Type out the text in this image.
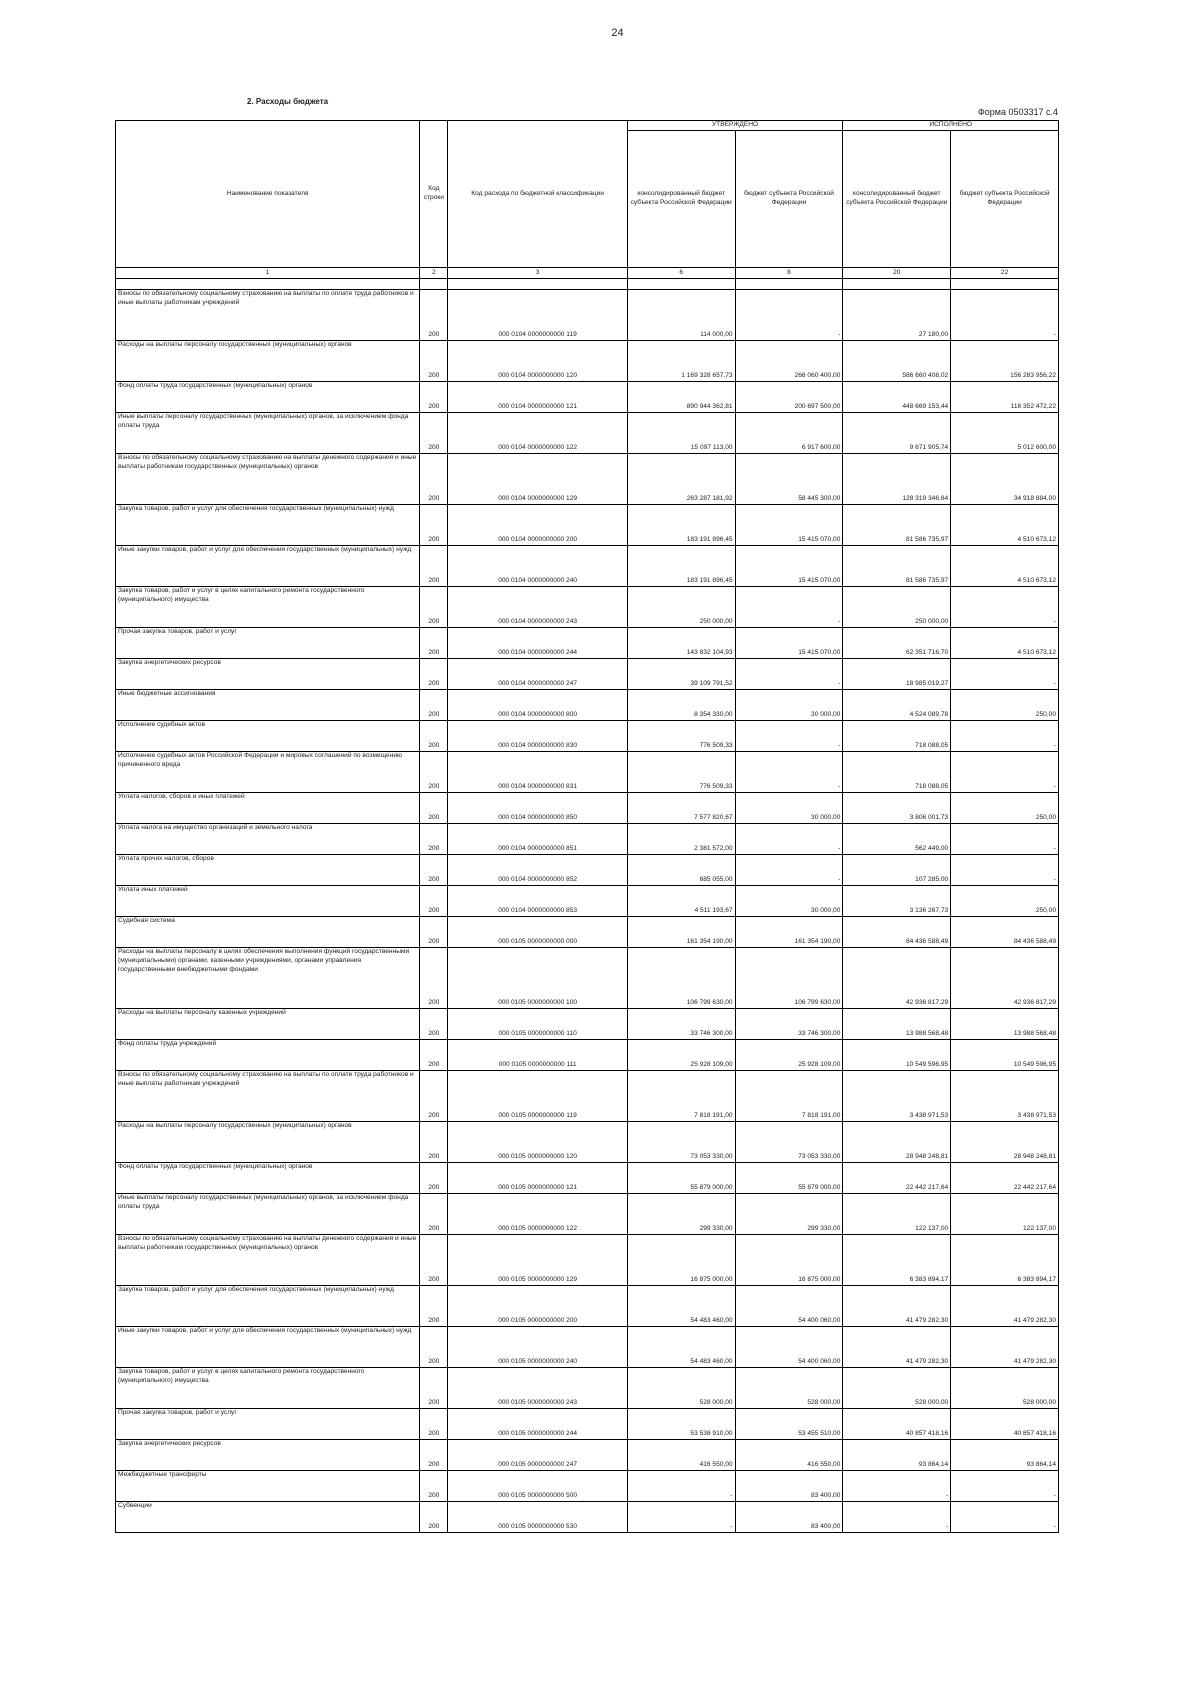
24
2. Расходы бюджета
Форма 0503317 с.4
Наименование показателя	Код строки	Код расхода по бюджетной классификации	УТВЕРЖДЕНО		ИСПОЛНЕНО	
			консолидированный бюджет субъекта Российской Федерации	бюджет субъекта Российской Федерации	консолидированный бюджет субъекта Российской Федерации	бюджет субъекта Российской Федерации
1	2	3	6	8	20	22

Взносы по обязательному социальному страхованию на выплаты по оплате труда работников и иные выплаты работникам учреждений	200	000 0104 0000000000 119	114 000,00	-	27 180,00	-
Расходы на выплаты персоналу государственных (муниципальных) органов	200	000 0104 0000000000 120	1 169 328 657,73	266 060 400,00	586 660 408,02	156 283 956,22
Фонд оплаты труда государственных (муниципальных) органов	200	000 0104 0000000000 121	890 944 362,81	200 697 500,00	448 669 153,44	116 352 472,22
Иные выплаты персоналу государственных (муниципальных) органов, за исключением фонда оплаты труда	200	000 0104 0000000000 122	15 097 113,00	6 917 600,00	9 671 905,74	5 012 600,00
Взносы по обязательному социальному страхованию на выплаты денежного содержания и иные выплаты работникам государственных (муниципальных) органов	200	000 0104 0000000000 129	263 287 181,92	58 445 300,00	128 319 346,84	34 918 884,00
Закупка товаров, работ и услуг для обеспечения государственных (муниципальных) нужд	200	000 0104 0000000000 200	183 191 896,45	15 415 070,00	81 586 735,97	4 510 673,12
Иные закупки товаров, работ и услуг для обеспечения государственных (муниципальных) нужд	200	000 0104 0000000000 240	183 191 896,45	15 415 070,00	81 586 735,97	4 510 673,12
Закупка товаров, работ и услуг в целях капитального ремонта государственного (муниципального) имущества	200	000 0104 0000000000 243	250 000,00	-	250 000,00	-
Прочая закупка товаров, работ и услуг	200	000 0104 0000000000 244	143 832 104,93	15 415 070,00	62 351 716,70	4 510 673,12
Закупка энергетических ресурсов	200	000 0104 0000000000 247	39 109 791,52	-	18 985 019,27	-
Иные бюджетные ассигнования	200	000 0104 0000000000 800	8 354 330,00	30 000,00	4 524 089,78	250,00
Исполнение судебных актов	200	000 0104 0000000000 830	776 509,33	-	718 088,05	-
Исполнение судебных актов Российской Федерации и мировых соглашений по возмещению причиненного вреда	200	000 0104 0000000000 831	776 509,33	-	718 088,05	-
Уплата налогов, сборов и иных платежей	200	000 0104 0000000000 850	7 577 820,67	30 000,00	3 806 001,73	250,00
Уплата налога на имущество организаций и земельного налога	200	000 0104 0000000000 851	2 381 572,00	-	562 449,00	-
Уплата прочих налогов, сборов	200	000 0104 0000000000 852	685 055,00	-	107 285,00	-
Уплата иных платежей	200	000 0104 0000000000 853	4 511 193,67	30 000,00	3 136 267,73	250,00
Судебная система	200	000 0105 0000000000 000	161 354 190,00	161 354 190,00	84 436 588,49	84 436 588,49
Расходы на выплаты персоналу в целях обеспечения выполнения функций государственными (муниципальными) органами, казенными учреждениями, органами управления государственными внебюджетными фондами	200	000 0105 0000000000 100	106 799 630,00	106 799 630,00	42 936 817,29	42 936 817,29
Расходы на выплаты персоналу казенных учреждений	200	000 0105 0000000000 110	33 746 300,00	33 746 300,00	13 988 568,48	13 988 568,48
Фонд оплаты труда учреждений	200	000 0105 0000000000 111	25 928 109,00	25 928 109,00	10 549 596,95	10 549 596,95
Взносы по обязательному социальному страхованию на выплаты по оплате труда работников и иные выплаты работникам учреждений	200	000 0105 0000000000 119	7 818 191,00	7 818 191,00	3 438 971,53	3 438 971,53
Расходы на выплаты персоналу государственных (муниципальных) органов	200	000 0105 0000000000 120	73 053 330,00	73 053 330,00	28 948 248,81	28 948 248,81
Фонд оплаты труда государственных (муниципальных) органов	200	000 0105 0000000000 121	55 879 000,00	55 879 000,00	22 442 217,64	22 442 217,64
Иные выплаты персоналу государственных (муниципальных) органов, за исключением фонда оплаты труда	200	000 0105 0000000000 122	299 330,00	299 330,00	122 137,00	122 137,00
Взносы по обязательному социальному страхованию на выплаты денежного содержания и иные выплаты работникам государственных (муниципальных) органов	200	000 0105 0000000000 129	16 875 000,00	16 875 000,00	6 383 894,17	6 383 894,17
Закупка товаров, работ и услуг для обеспечения государственных (муниципальных) нужд	200	000 0105 0000000000 200	54 483 460,00	54 400 060,00	41 479 282,30	41 479 282,30
Иные закупки товаров, работ и услуг для обеспечения государственных (муниципальных) нужд	200	000 0105 0000000000 240	54 483 460,00	54 400 060,00	41 479 282,30	41 479 282,30
Закупка товаров, работ и услуг в целях капитального ремонта государственного (муниципального) имущества	200	000 0105 0000000000 243	528 000,00	528 000,00	528 000,00	528 000,00
Прочая закупка товаров, работ и услуг	200	000 0105 0000000000 244	53 538 910,00	53 455 510,00	40 857 418,16	40 857 418,16
Закупка энергетических ресурсов	200	000 0105 0000000000 247	416 550,00	416 550,00	93 864,14	93 864,14
Межбюджетные трансферты	200	000 0105 0000000000 500	-	83 400,00	-	-
Субвенции	200	000 0105 0000000000 530	-	83 400,00	-	-
